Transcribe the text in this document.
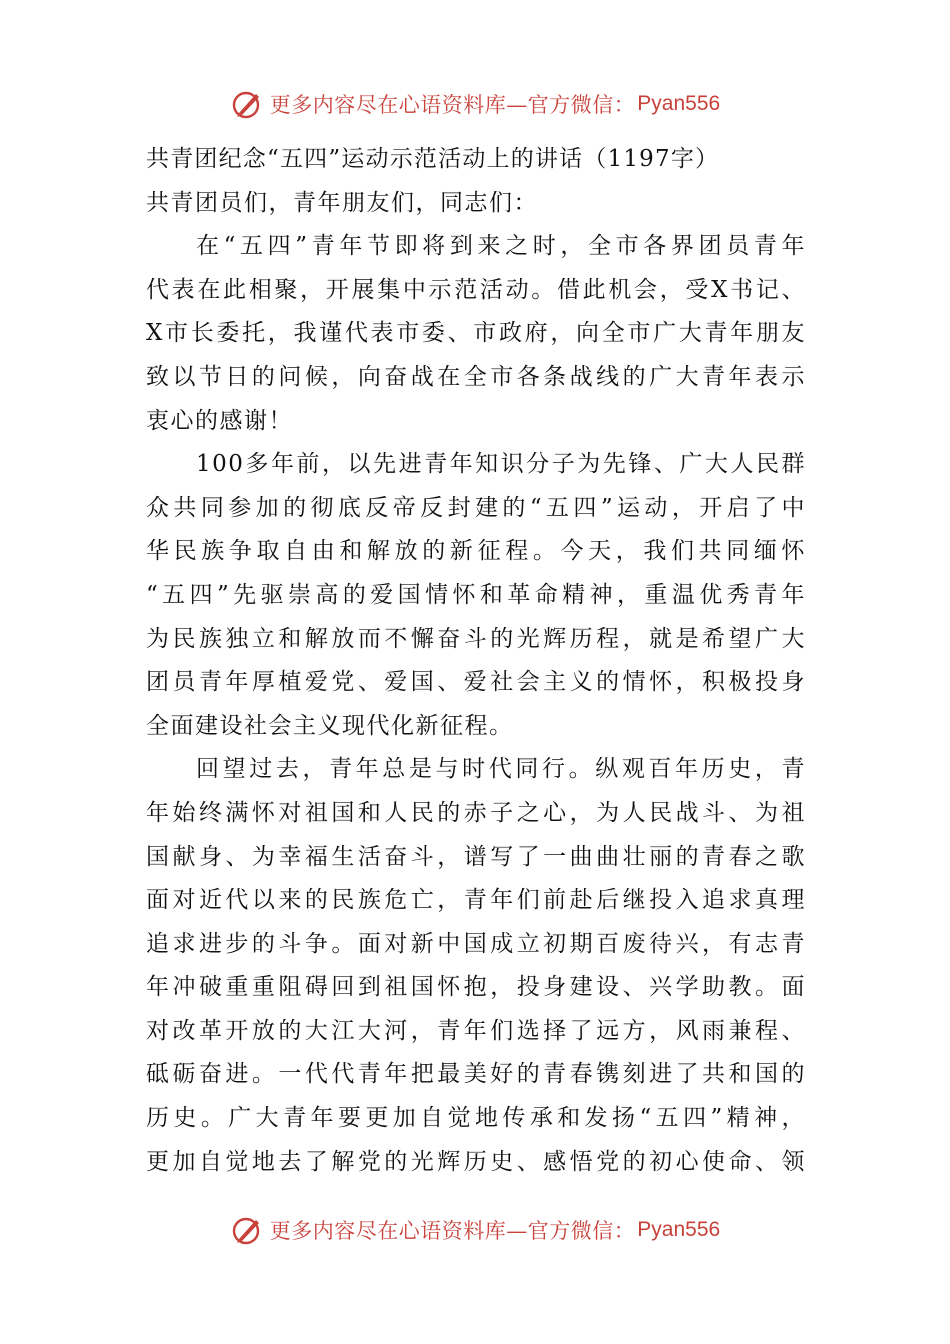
更多内容尽在心语资料库—官方微信： Pyan556
共青团纪念“五四”运动示范活动上的讲话（1197字）
共青团员们，青年朋友们，同志们：
在“五四”青年节即将到来之时，全市各界团员青年
代表在此相聚，开展集中示范活动。借此机会，受X书记、
X市长委托，我谨代表市委、市政府，向全市广大青年朋友
致以节日的问候，向奋战在全市各条战线的广大青年表示
衷心的感谢！
100多年前，以先进青年知识分子为先锋、广大人民群
众共同参加的彻底反帝反封建的“五四”运动，开启了中
华民族争取自由和解放的新征程。今天，我们共同缅怀
“五四”先驱崇高的爱国情怀和革命精神，重温优秀青年
为民族独立和解放而不懈奋斗的光辉历程，就是希望广大
团员青年厚植爱党、爱国、爱社会主义的情怀，积极投身
全面建设社会主义现代化新征程。
回望过去，青年总是与时代同行。纵观百年历史，青
年始终满怀对祖国和人民的赤子之心，为人民战斗、为祖
国献身、为幸福生活奋斗，谱写了一曲曲壮丽的青春之歌
面对近代以来的民族危亡，青年们前赴后继投入追求真理
追求进步的斗争。面对新中国成立初期百废待兴，有志青
年冲破重重阻碍回到祖国怀抱，投身建设、兴学助教。面
对改革开放的大江大河，青年们选择了远方，风雨兼程、
砥砺奋进。一代代青年把最美好的青春镌刻进了共和国的
历史。广大青年要更加自觉地传承和发扬“五四”精神，
更加自觉地去了解党的光辉历史、感悟党的初心使命、领
更多内容尽在心语资料库—官方微信： Pyan556
